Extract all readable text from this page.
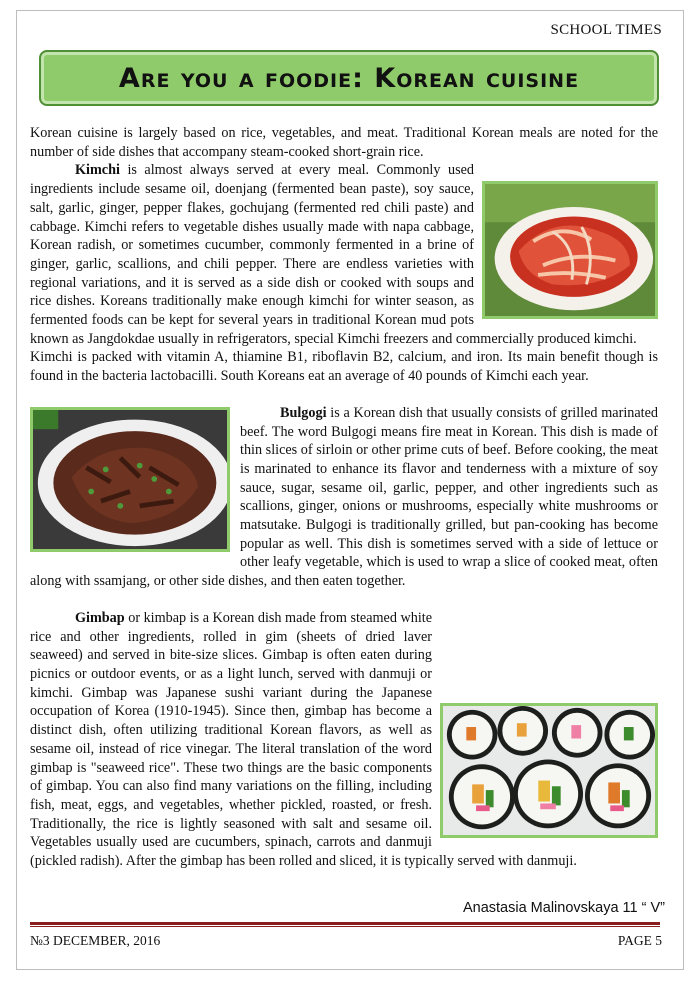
SCHOOL TIMES
Are you a foodie: Korean cuisine

Korean cuisine is largely based on rice, vegetables, and meat. Traditional Korean meals are noted for the number of side dishes that accompany steam-cooked short-grain rice.

Kimchi is almost always served at every meal. Commonly used ingredients include sesame oil, doenjang (fermented bean paste), soy sauce, salt, garlic, ginger, pepper flakes, gochujang (fermented red chili paste) and cabbage. Kimchi refers to vegetable dishes usually made with napa cabbage, Korean radish, or sometimes cucumber, commonly fermented in a brine of ginger, garlic, scallions, and chili pepper. There are endless varieties with regional variations, and it is served as a side dish or cooked with soups and rice dishes. Koreans traditionally make enough kimchi for winter season, as fermented foods can be kept for several years in traditional Korean mud pots known as Jangdokdae usually in refrigerators, special Kimchi freezers and commercially produced kimchi.

Kimchi is packed with vitamin A, thiamine B1, riboflavin B2, calcium, and iron. Its main benefit though is found in the bacteria lactobacilli. South Koreans eat an average of 40 pounds of Kimchi each year.

Bulgogi is a Korean dish that usually consists of grilled marinated beef. The word Bulgogi means fire meat in Korean. This dish is made of thin slices of sirloin or other prime cuts of beef. Before cooking, the meat is marinated to enhance its flavor and tenderness with a mixture of soy sauce, sugar, sesame oil, garlic, pepper, and other ingredients such as scallions, ginger, onions or mushrooms, especially white mushrooms or matsutake. Bulgogi is traditionally grilled, but pan-cooking has become popular as well. This dish is sometimes served with a side of lettuce or other leafy vegetable, which is used to wrap a slice of cooked meat, often along with ssamjang, or other side dishes, and then eaten together.

Gimbap or kimbap is a Korean dish made from steamed white rice and other ingredients, rolled in gim (sheets of dried laver seaweed) and served in bite-size slices. Gimbap is often eaten during picnics or outdoor events, or as a light lunch, served with danmuji or kimchi. Gimbap was Japanese sushi variant during the Japanese occupation of Korea (1910-1945). Since then, gimbap has become a distinct dish, often utilizing traditional Korean flavors, as well as sesame oil, instead of rice vinegar. The literal translation of the word gimbap is "seaweed rice". These two things are the basic components of gimbap. You can also find many variations on the filling, including fish, meat, eggs, and vegetables, whether pickled, roasted, or fresh. Traditionally, the rice is lightly seasoned with salt and sesame oil. Vegetables usually used are cucumbers, spinach, carrots and danmuji (pickled radish). After the gimbap has been rolled and sliced, it is typically served with danmuji.

Anastasia Malinovskaya 11 “ V”
№3 DECEMBER, 2016	PAGE 5
